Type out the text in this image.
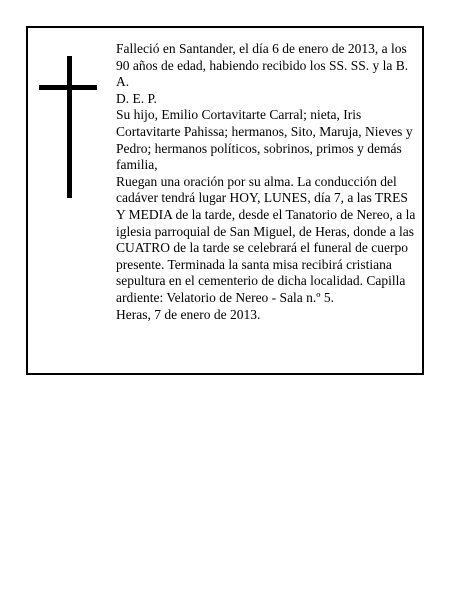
Falleció en Santander, el día 6 de enero de 2013, a los 90 años de edad, habiendo recibido los SS. SS. y la B. A.

D. E. P.

Su hijo, Emilio Cortavitarte Carral; nieta, Iris Cortavitarte Pahissa; hermanos, Sito, Maruja, Nieves y Pedro; hermanos políticos, sobrinos, primos y demás familia,

Ruegan una oración por su alma. La conducción del cadáver tendrá lugar HOY, LUNES, día 7, a las TRES Y MEDIA de la tarde, desde el Tanatorio de Nereo, a la iglesia parroquial de San Miguel, de Heras, donde a las CUATRO de la tarde se celebrará el funeral de cuerpo presente. Terminada la santa misa recibirá cristiana sepultura en el cementerio de dicha localidad. Capilla ardiente: Velatorio de Nereo - Sala n.º 5.

Heras, 7 de enero de 2013.
